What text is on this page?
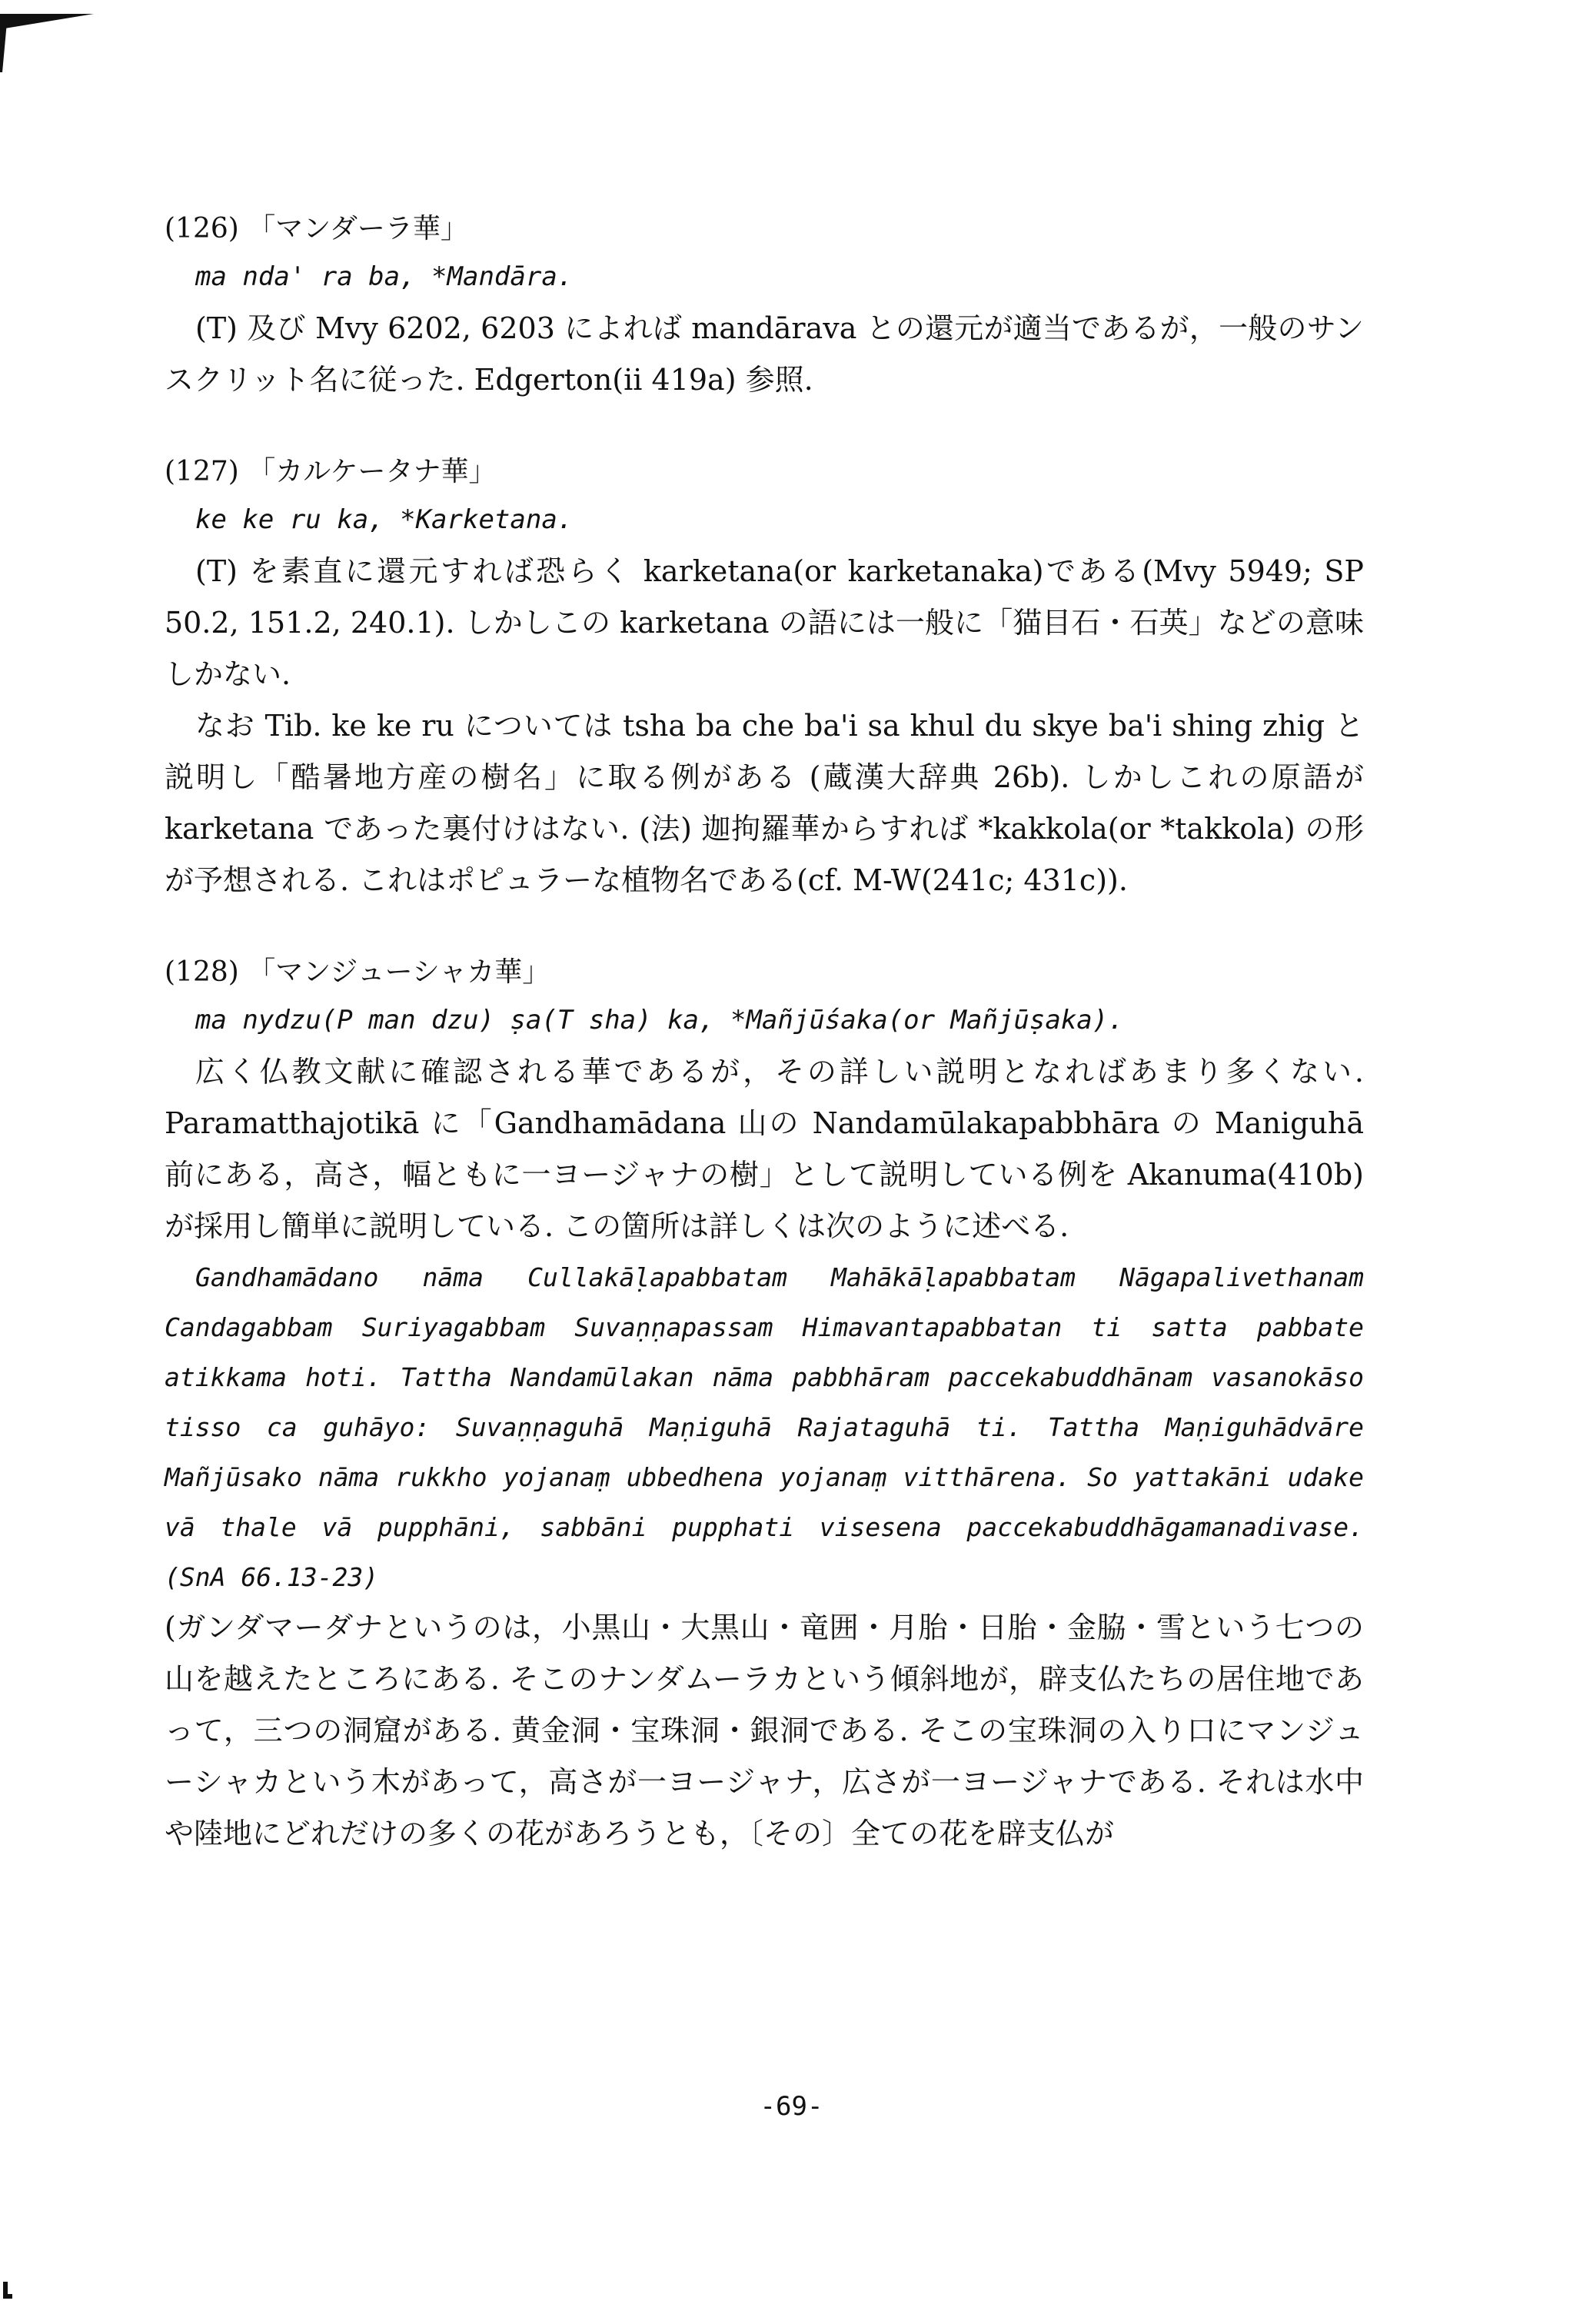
(126) 「マンダーラ華」
ma nda' ra ba, *Mandāra.

(T) 及び Mvy 6202, 6203 によれば mandārava との還元が適当であるが，一般のサンスクリット名に従った. Edgerton(ii 419a) 参照.

(127) 「カルケータナ華」
ke ke ru ka, *Karketana.

(T) を素直に還元すれば恐らく karketana(or karketanaka)である(Mvy 5949; SP 50.2, 151.2, 240.1). しかしこの karketana の語には一般に「猫目石・石英」などの意味しかない.

なお Tib. ke ke ru については tsha ba che ba'i sa khul du skye ba'i shing zhig と説明し「酷暑地方産の樹名」に取る例がある (蔵漢大辞典 26b). しかしこれの原語が karketana であった裏付けはない. (法) 迦拘羅華からすれば *kakkola(or *takkola) の形が予想される. これはポピュラーな植物名である(cf. M-W(241c; 431c)).

(128) 「マンジューシャカ華」
ma nydzu(P man dzu) ṣa(T sha) ka, *Mañjūśaka(or Mañjūṣaka).

広く仏教文献に確認される華であるが，その詳しい説明となればあまり多くない. Paramatthajotikā に「Gandhamādana 山の Nandamūlakapabbhāra の Maniguhā 前にある，高さ，幅ともに一ヨージャナの樹」として説明している例を Akanuma(410b) が採用し簡単に説明している. この箇所は詳しくは次のように述べる.

Gandhamādano nāma Cullakāḷapabbatam Mahākāḷapabbatam Nāgapalivethanam Candagabbam Suriyagabbam Suvaṇṇapassam Himavantapabbatan ti satta pabbate atikkama hoti. Tattha Nandamūlakan nāma pabbhāram paccekabuddhānam vasanokāso tisso ca guhāyo: Suvaṇṇaguhā Maṇiguhā Rajataguhā ti. Tattha Maṇiguhādvāre Mañjūsako nāma rukkho yojanaṃ ubbedhena yojanaṃ vitthārena. So yattakāni udake vā thale vā pupphāni, sabbāni pupphati visesena paccekabuddhāgamanadivase. (SnA 66.13-23)

(ガンダマーダナというのは，小黒山・大黒山・竜囲・月胎・日胎・金脇・雪という七つの山を越えたところにある. そこのナンダムーラカという傾斜地が，辟支仏たちの居住地であって，三つの洞窟がある. 黄金洞・宝珠洞・銀洞である. そこの宝珠洞の入り口にマンジューシャカという木があって，高さが一ヨージャナ，広さが一ヨージャナである. それは水中や陸地にどれだけの多くの花があろうとも，〔その〕全ての花を辟支仏が

-69-
